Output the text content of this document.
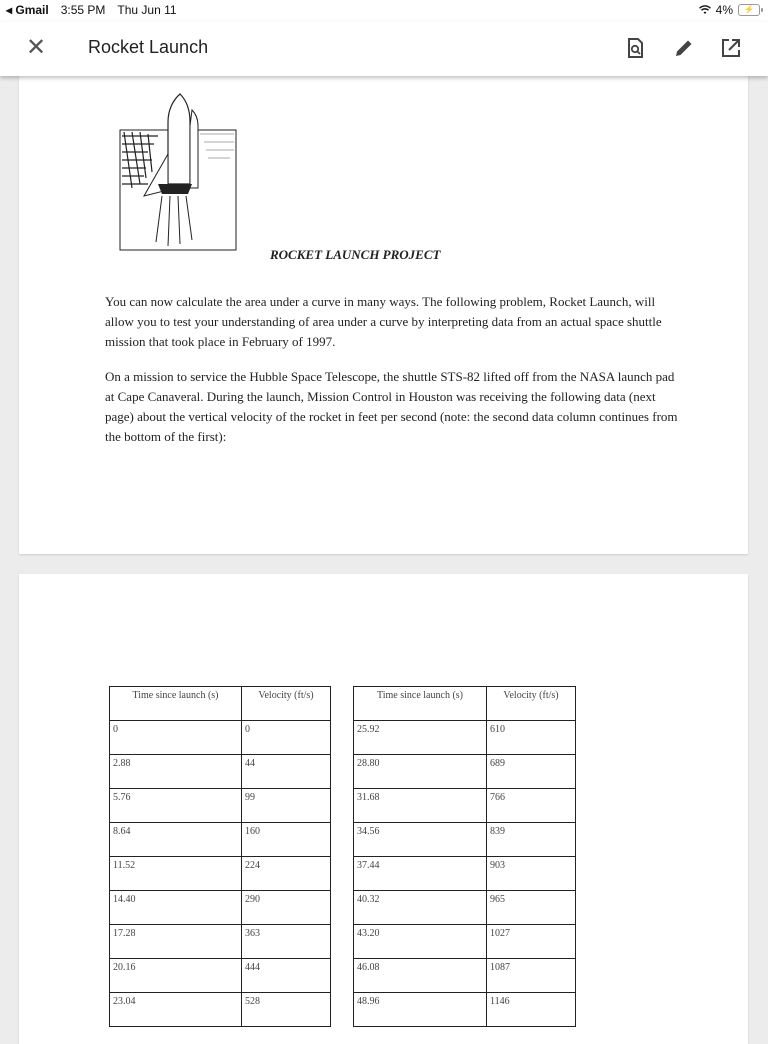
◂ Gmail 3:55 PM Thu Jun 11	4%	⚡
✕ Rocket Launch
ROCKET LAUNCH PROJECT
You can now calculate the area under a curve in many ways. The following problem, Rocket Launch, will allow you to test your understanding of area under a curve by interpreting data from an actual space shuttle mission that took place in February of 1997.
On a mission to service the Hubble Space Telescope, the shuttle STS-82 lifted off from the NASA launch pad at Cape Canaveral. During the launch, Mission Control in Houston was receiving the following data (next page) about the vertical velocity of the rocket in feet per second (note: the second data column continues from the bottom of the first):
Time since launch (s)	Velocity (ft/s)
0	0
2.88	44
5.76	99
8.64	160
11.52	224
14.40	290
17.28	363
20.16	444
23.04	528
Time since launch (s)	Velocity (ft/s)
25.92	610
28.80	689
31.68	766
34.56	839
37.44	903
40.32	965
43.20	1027
46.08	1087
48.96	1146
